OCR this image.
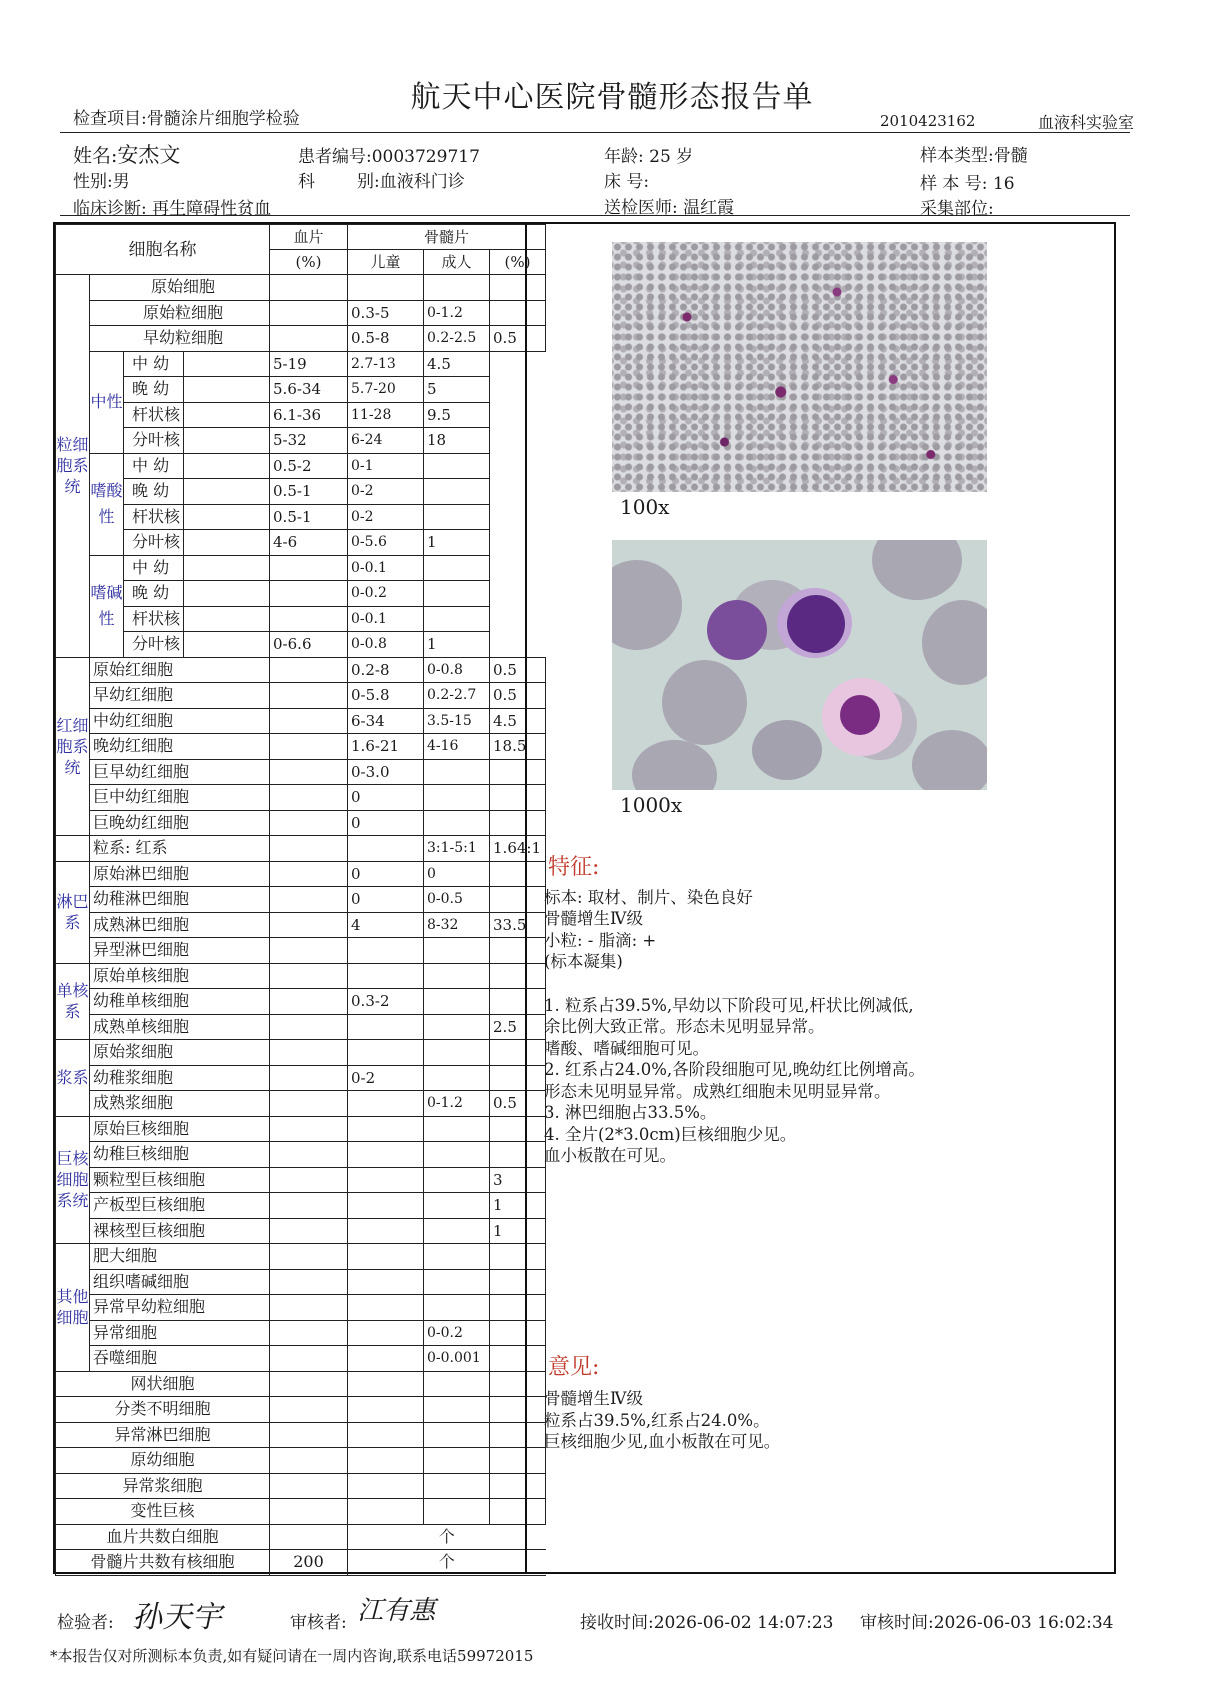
航天中心医院骨髓形态报告单
检查项目:骨髓涂片细胞学检验	2010423162	血液科实验室
姓名:安杰文	患者编号:0003729717	年龄: 25 岁	样本类型:骨髓
性别:男	科 别:血液科门诊	床 号:	样 本 号: 16
临床诊断: 再生障碍性贫血	送检医师: 温红霞	采集部位:
细胞名称				血片	骨髓片		
				(%)	儿童	成人	(%)
粒细胞系统	原始细胞						
	原始粒细胞				0.3-5	0-1.2	
	早幼粒细胞				0.5-8	0.2-2.5	0.5
	中性	中 幼		5-19	2.7-13	4.5	
		晚 幼		5.6-34	5.7-20	5	
		杆状核		6.1-36	11-28	9.5	
		分叶核		5-32	6-24	18	
	嗜酸性	中 幼		0.5-2	0-1		
		晚 幼		0.5-1	0-2		
		杆状核		0.5-1	0-2		
		分叶核		4-6	0-5.6	1	
	嗜碱性	中 幼			0-0.1		
		晚 幼			0-0.2		
		杆状核			0-0.1		
		分叶核		0-6.6	0-0.8	1	
红细胞系统	原始红细胞				0.2-8	0-0.8	0.5
	早幼红细胞				0-5.8	0.2-2.7	0.5
	中幼红细胞				6-34	3.5-15	4.5
	晚幼红细胞				1.6-21	4-16	18.5
	巨早幼红细胞				0-3.0		
	巨中幼红细胞				0		
	巨晚幼红细胞				0		
	粒系: 红系					3:1-5:1	1.64:1
淋巴系	原始淋巴细胞				0	0	
	幼稚淋巴细胞				0	0-0.5	
	成熟淋巴细胞				4	8-32	33.5
	异型淋巴细胞						
单核系	原始单核细胞						
	幼稚单核细胞				0.3-2		
	成熟单核细胞						2.5
浆系	原始浆细胞						
	幼稚浆细胞				0-2		
	成熟浆细胞					0-1.2	0.5
巨核细胞系统	原始巨核细胞						
	幼稚巨核细胞						
	颗粒型巨核细胞						3
	产板型巨核细胞						1
	裸核型巨核细胞						1
其他细胞	肥大细胞						
	组织嗜碱细胞						
	异常早幼粒细胞						
	异常细胞					0-0.2	
	吞噬细胞					0-0.001	
网状细胞							
分类不明细胞							
异常淋巴细胞							
原幼细胞							
异常浆细胞							
变性巨核							
血片共数白细胞					个		
骨髓片共数有核细胞				200	个		
100x
1000x
特征:
标本: 取材、制片、染色良好
骨髓增生Ⅳ级
小粒: - 脂滴: +
(标本凝集)
1. 粒系占39.5%,早幼以下阶段可见,杆状比例减低,
余比例大致正常。形态未见明显异常。
嗜酸、嗜碱细胞可见。
2. 红系占24.0%,各阶段细胞可见,晚幼红比例增高。
形态未见明显异常。成熟红细胞未见明显异常。
3. 淋巴细胞占33.5%。
4. 全片(2*3.0cm)巨核细胞少见。
血小板散在可见。
意见:
骨髓增生Ⅳ级
粒系占39.5%,红系占24.0%。
巨核细胞少见,血小板散在可见。
检验者: 孙天宇	审核者: 江有惠	接收时间:2026-06-02 14:07:23 审核时间:2026-06-03 16:02:34
*本报告仅对所测标本负责,如有疑问请在一周内咨询,联系电话59972015
